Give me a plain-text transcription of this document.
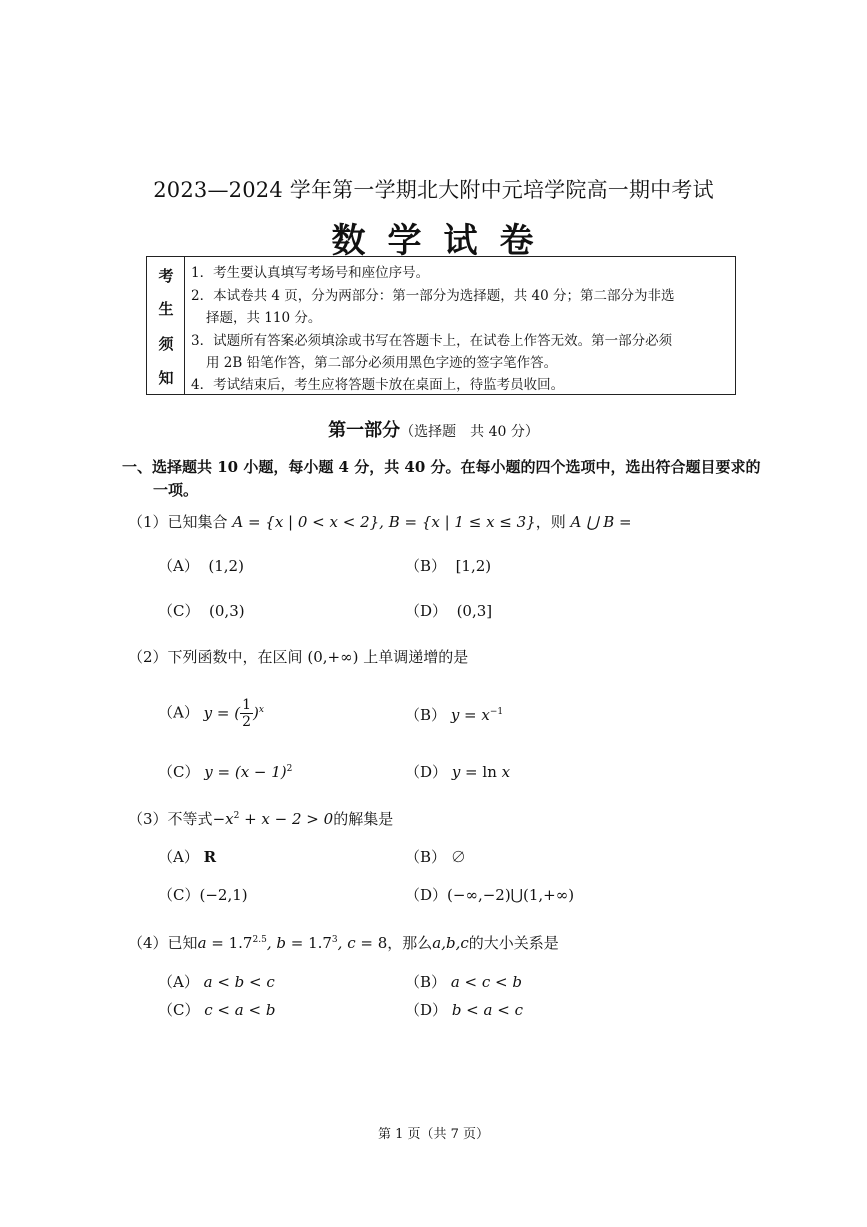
2023—2024 学年第一学期北大附中元培学院高一期中考试
数学试卷
考
生
须
知
1．考生要认真填写考场号和座位序号。
2．本试卷共 4 页，分为两部分：第一部分为选择题，共 40 分；第二部分为非选
择题，共 110 分。
3．试题所有答案必须填涂或书写在答题卡上，在试卷上作答无效。第一部分必须
用 2B 铅笔作答，第二部分必须用黑色字迹的签字笔作答。
4．考试结束后，考生应将答题卡放在桌面上，待监考员收回。
第一部分（选择题　共 40 分）
一、选择题共 10 小题，每小题 4 分，共 40 分。在每小题的四个选项中，选出符合题目要求的
一项。
（1）已知集合 A = {x | 0 < x < 2}, B = {x | 1 ≤ x ≤ 3}，则 A ⋃ B =
（A） (1,2)	（B） [1,2)
（C） (0,3)	（D） (0,3]
（2）下列函数中，在区间 (0,+∞) 上单调递增的是
（A） y = ( $\frac{1}{2} )^x$	（B） $y = x^{-1}$
（C） $y = (x - 1)^2$	（D） y = ln x
（3）不等式$-x^2 + x - 2 > 0$的解集是
（A） R	（B） ∅
（C）(−2,1)	（D）(−∞,−2)⋃(1,+∞)
（4）已知$a = 1.7^{2.5}$, $b = 1.7^3$, c = 8，那么a,b,c的大小关系是
（A） a < b < c	（B） a < c < b
（C） c < a < b	（D） b < a < c
第 1 页（共 7 页）
